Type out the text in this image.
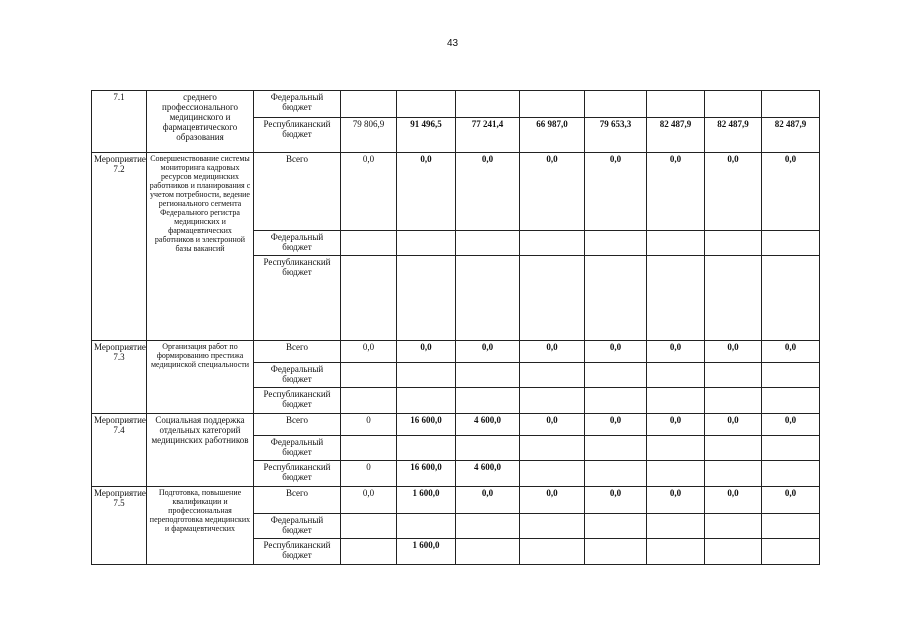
43
7.1	среднего профессионального медицинского и фармацевтического образования	Федеральный бюджет								
		Республиканский бюджет	79 806,9	91 496,5	77 241,4	66 987,0	79 653,3	82 487,9	82 487,9	82 487,9
Мероприятие 7.2	Совершенствование системы мониторинга кадровых ресурсов медицинских работников и планирования с учетом потребности, ведение регионального сегмента Федерального регистра медицинских и фармацевтических работников и электронной базы вакансий	Всего	0,0	0,0	0,0	0,0	0,0	0,0	0,0	0,0
		Федеральный бюджет								
		Республиканский бюджет								
Мероприятие 7.3	Организация работ по формированию престижа медицинской специальности	Всего	0,0	0,0	0,0	0,0	0,0	0,0	0,0	0,0
		Федеральный бюджет								
		Республиканский бюджет								
Мероприятие 7.4	Социальная поддержка отдельных категорий медицинских работников	Всего	0	16 600,0	4 600,0	0,0	0,0	0,0	0,0	0,0
		Федеральный бюджет								
		Республиканский бюджет	0	16 600,0	4 600,0					
Мероприятие 7.5	Подготовка, повышение квалификации и профессиональная переподготовка медицинских и фармацевтических	Всего	0,0	1 600,0	0,0	0,0	0,0	0,0	0,0	0,0
		Федеральный бюджет								
		Республиканский бюджет		1 600,0						
